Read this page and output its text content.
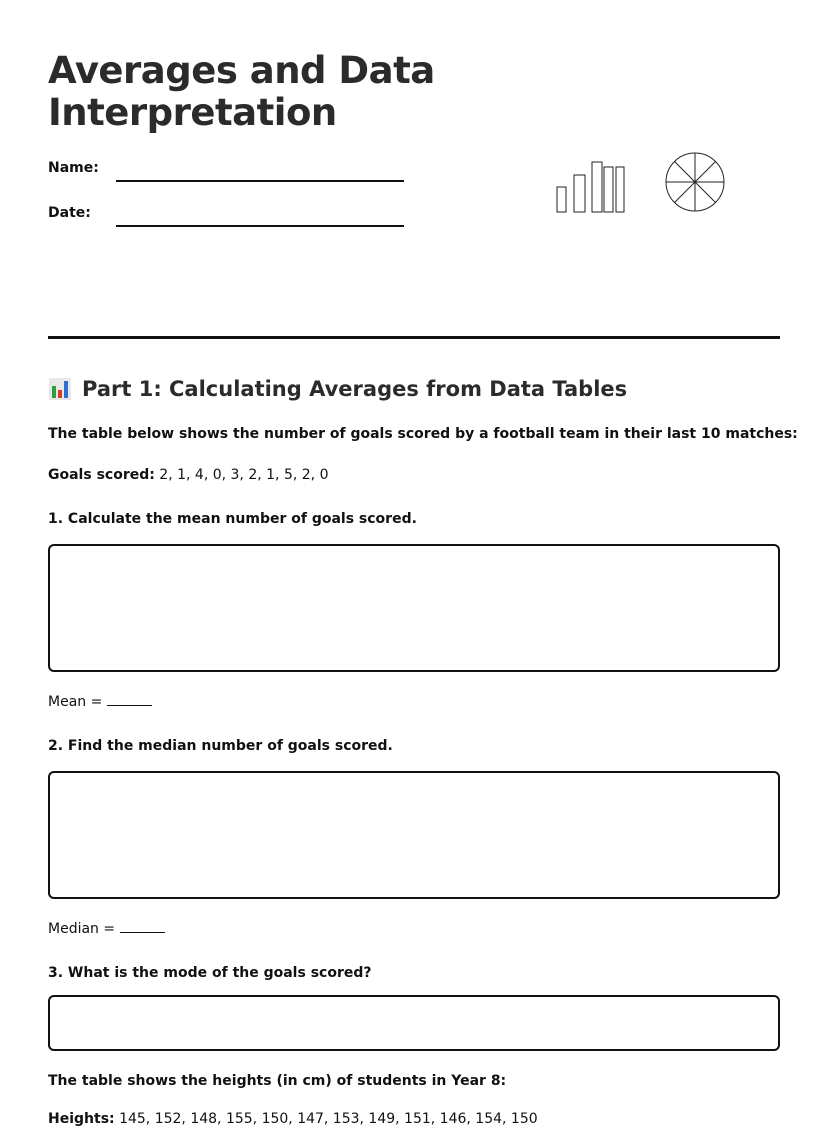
Averages and Data Interpretation
Name:
Date:
Part 1: Calculating Averages from Data Tables
The table below shows the number of goals scored by a football team in their last 10 matches:
Goals scored: 2, 1, 4, 0, 3, 2, 1, 5, 2, 0
1. Calculate the mean number of goals scored.
Mean =
2. Find the median number of goals scored.
Median =
3. What is the mode of the goals scored?
The table shows the heights (in cm) of students in Year 8:
Heights: 145, 152, 148, 155, 150, 147, 153, 149, 151, 146, 154, 150
